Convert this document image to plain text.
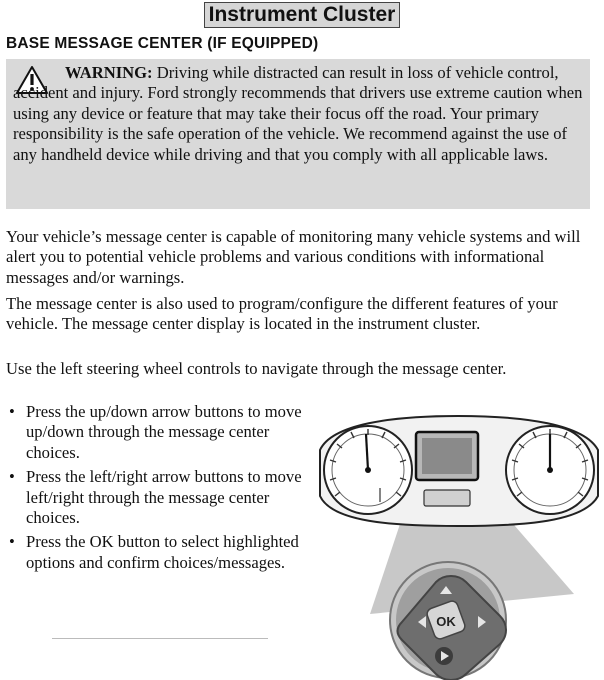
Instrument Cluster
BASE MESSAGE CENTER (IF EQUIPPED)
WARNING: Driving while distracted can result in loss of vehicle control, accident and injury. Ford strongly recommends that drivers use extreme caution when using any device or feature that may take their focus off the road. Your primary responsibility is the safe operation of the vehicle. We recommend against the use of any handheld device while driving and that you comply with all applicable laws.
Your vehicle’s message center is capable of monitoring many vehicle systems and will alert you to potential vehicle problems and various conditions with informational messages and/or warnings.
The message center is also used to program/configure the different features of your vehicle. The message center display is located in the instrument cluster.
Use the left steering wheel controls to navigate through the message center.
• Press the up/down arrow buttons to move up/down through the message center choices.
• Press the left/right arrow buttons to move left/right through the message center choices.
• Press the OK button to select highlighted options and confirm choices/messages.
OK
